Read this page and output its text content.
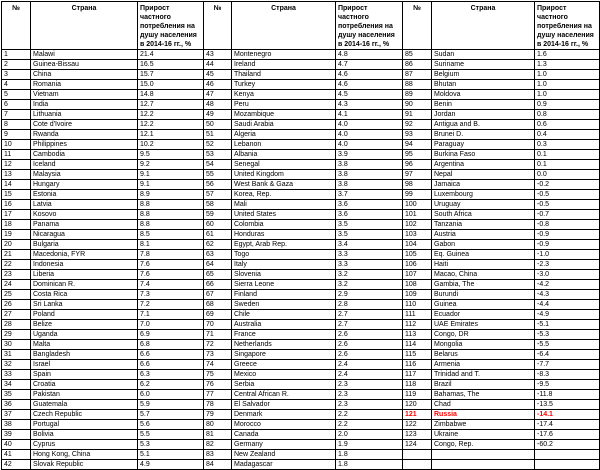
№	Страна	Прирост частного потребления на душу населения в 2014-16 гг., %	№	Страна	Прирост частного потребления на душу населения в 2014-16 гг., %	№	Страна	Прирост частного потребления на душу населения в 2014-16 гг., %
1	Malawi	21.4	43	Montenegro	4.8	85	Sudan	1.6
2	Guinea-Bissau	16.5	44	Ireland	4.7	86	Suriname	1.3
3	China	15.7	45	Thailand	4.6	87	Belgium	1.0
4	Romania	15.0	46	Turkey	4.6	88	Bhutan	1.0
5	Vietnam	14.8	47	Kenya	4.5	89	Moldova	1.0
6	India	12.7	48	Peru	4.3	90	Benin	0.9
7	Lithuania	12.2	49	Mozambique	4.1	91	Jordan	0.8
8	Cote d'Ivoire	12.2	50	Saudi Arabia	4.0	92	Antigua and B.	0.6
9	Rwanda	12.1	51	Algeria	4.0	93	Brunei D.	0.4
10	Philippines	10.2	52	Lebanon	4.0	94	Paraguay	0.3
11	Cambodia	9.5	53	Albania	3.9	95	Burkina Faso	0.1
12	Iceland	9.2	54	Senegal	3.8	96	Argentina	0.1
13	Malaysia	9.1	55	United Kingdom	3.8	97	Nepal	0.0
14	Hungary	9.1	56	West Bank & Gaza	3.8	98	Jamaica	-0.2
15	Estonia	8.9	57	Korea, Rep.	3.7	99	Luxembourg	-0.5
16	Latvia	8.8	58	Mali	3.6	100	Uruguay	-0.5
17	Kosovo	8.8	59	United States	3.6	101	South Africa	-0.7
18	Panama	8.8	60	Colombia	3.5	102	Tanzania	-0.8
19	Nicaragua	8.5	61	Honduras	3.5	103	Austria	-0.9
20	Bulgaria	8.1	62	Egypt, Arab Rep.	3.4	104	Gabon	-0.9
21	Macedonia, FYR	7.8	63	Togo	3.3	105	Eq. Guinea	-1.0
22	Indonesia	7.6	64	Italy	3.3	106	Haiti	-2.3
23	Liberia	7.6	65	Slovenia	3.2	107	Macao, China	-3.0
24	Dominican R.	7.4	66	Sierra Leone	3.2	108	Gambia, The	-4.2
25	Costa Rica	7.3	67	Finland	2.9	109	Burundi	-4.3
26	Sri Lanka	7.2	68	Sweden	2.8	110	Guinea	-4.4
27	Poland	7.1	69	Chile	2.7	111	Ecuador	-4.9
28	Belize	7.0	70	Australia	2.7	112	UAE Emirates	-5.1
29	Uganda	6.9	71	France	2.6	113	Congo, DR	-5.3
30	Malta	6.8	72	Netherlands	2.6	114	Mongolia	-5.5
31	Bangladesh	6.6	73	Singapore	2.6	115	Belarus	-6.4
32	Israel	6.6	74	Greece	2.4	116	Armenia	-7.7
33	Spain	6.3	75	Mexico	2.4	117	Trinidad and T.	-8.3
34	Croatia	6.2	76	Serbia	2.3	118	Brazil	-9.5
35	Pakistan	6.0	77	Central African R.	2.3	119	Bahamas, The	-11.8
36	Guatemala	5.9	78	El Salvador	2.3	120	Chad	-13.5
37	Czech Republic	5.7	79	Denmark	2.2	121	Russia	-14.1
38	Portugal	5.6	80	Morocco	2.2	122	Zimbabwe	-17.4
39	Bolivia	5.5	81	Canada	2.0	123	Ukraine	-17.6
40	Cyprus	5.3	82	Germany	1.9	124	Congo, Rep.	-60.2
41	Hong Kong, China	5.1	83	New Zealand	1.8			
42	Slovak Republic	4.9	84	Madagascar	1.8			
